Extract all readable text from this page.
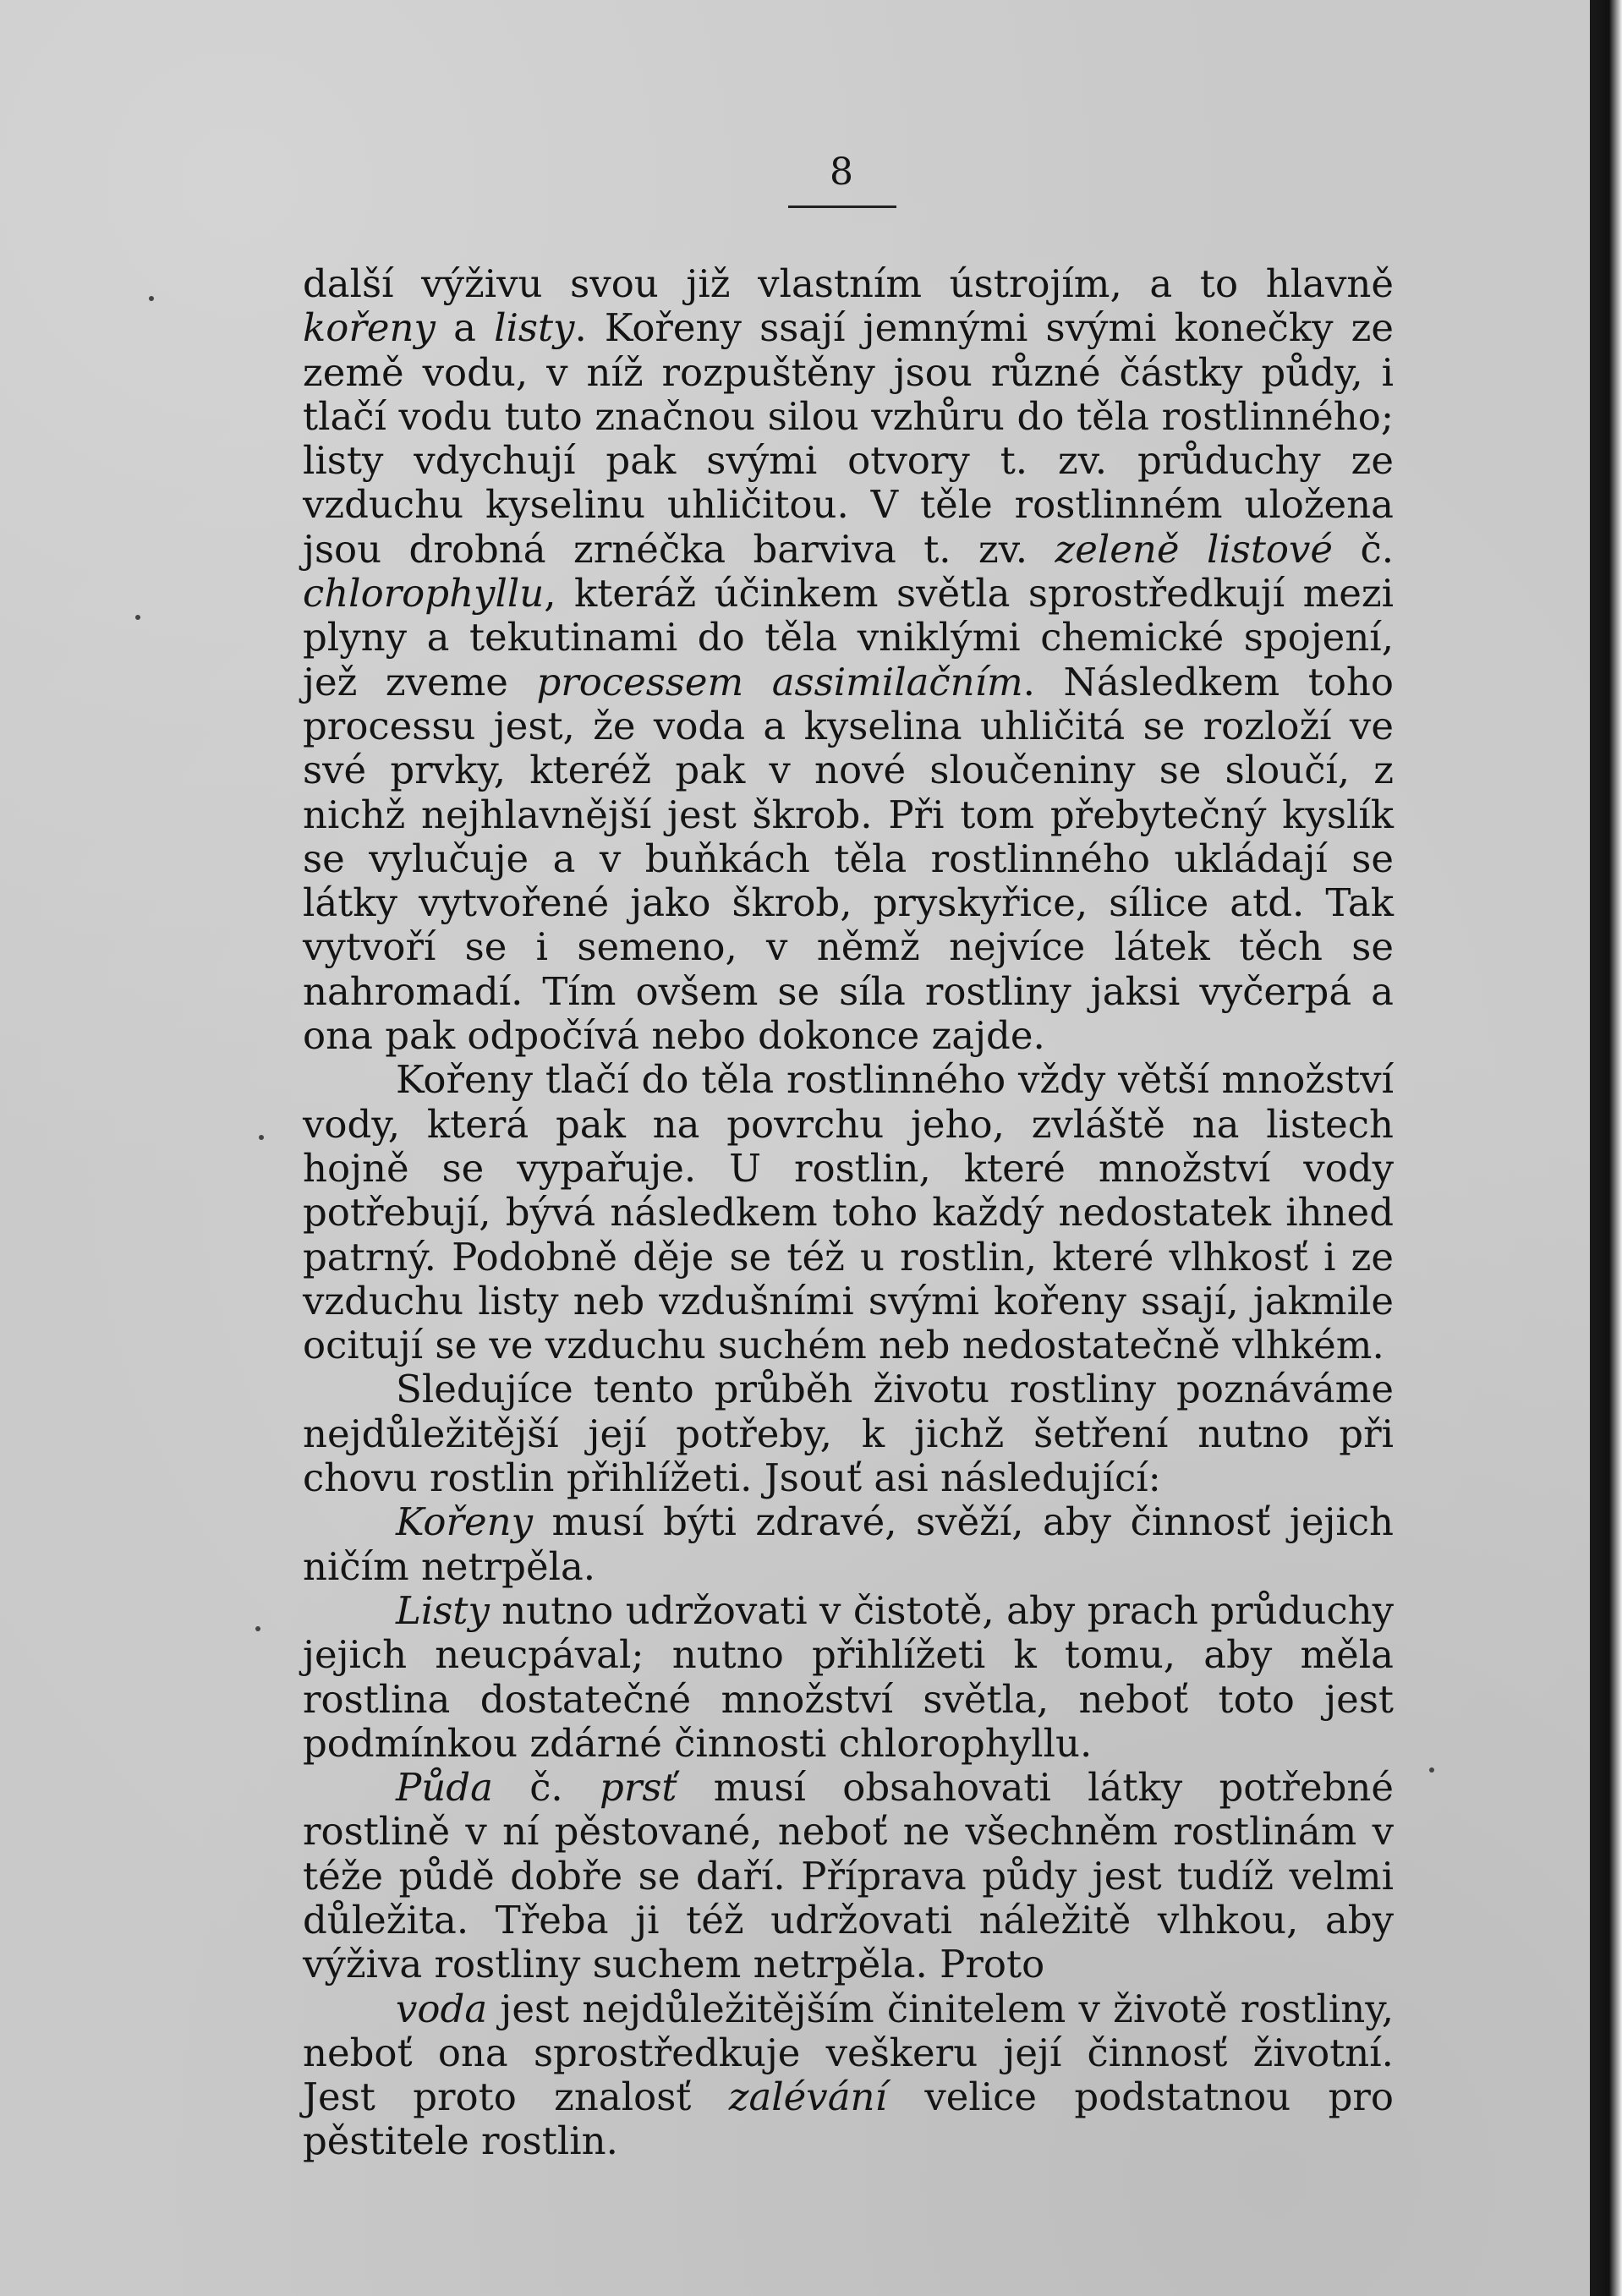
8

další výživu svou již vlastním ústrojím, a to hlavně kořeny a listy. Kořeny ssají jemnými svými konečky ze země vodu, v níž rozpuštěny jsou různé částky půdy, i tlačí vodu tuto značnou silou vzhůru do těla rostlinného; listy vdychují pak svými otvory t. zv. průduchy ze vzduchu kyselinu uhličitou. V těle rostlinném uložena jsou drobná zrnéčka barviva t. zv. zeleně listové č. chlorophyllu, kteráž účinkem světla sprostředkují mezi plyny a tekutinami do těla vniklými chemické spojení, jež zveme processem assimilačním. Následkem toho processu jest, že voda a kyselina uhličitá se rozloží ve své prvky, kteréž pak v nové sloučeniny se sloučí, z nichž nejhlavnější jest škrob. Při tom přebytečný kyslík se vylučuje a v buňkách těla rostlinného ukládají se látky vytvořené jako škrob, pryskyřice, sílice atd. Tak vytvoří se i semeno, v němž nejvíce látek těch se nahromadí. Tím ovšem se síla rostliny jaksi vyčerpá a ona pak odpočívá nebo dokonce zajde.

Kořeny tlačí do těla rostlinného vždy větší množství vody, která pak na povrchu jeho, zvláště na listech hojně se vypařuje. U rostlin, které množství vody potřebují, bývá následkem toho každý nedostatek ihned patrný. Podobně děje se též u rostlin, které vlhkosť i ze vzduchu listy neb vzdušními svými kořeny ssají, jakmile ocitují se ve vzduchu suchém neb nedostatečně vlhkém.

Sledujíce tento průběh životu rostliny poznáváme nejdůležitější její potřeby, k jichž šetření nutno při chovu rostlin přihlížeti. Jsouť asi následující:

Kořeny musí býti zdravé, svěží, aby činnosť jejich ničím netrpěla.

Listy nutno udržovati v čistotě, aby prach průduchy jejich neucpával; nutno přihlížeti k tomu, aby měla rostlina dostatečné množství světla, neboť toto jest podmínkou zdárné činnosti chlorophyllu.

Půda č. prsť musí obsahovati látky potřebné rostlině v ní pěstované, neboť ne všechněm rostlinám v téže půdě dobře se daří. Příprava půdy jest tudíž velmi důležita. Třeba ji též udržovati náležitě vlhkou, aby výživa rostliny suchem netrpěla. Proto

voda jest nejdůležitějším činitelem v životě rostliny, neboť ona sprostředkuje veškeru její činnosť životní. Jest proto znalosť zalévání velice podstatnou pro pěstitele rostlin.
